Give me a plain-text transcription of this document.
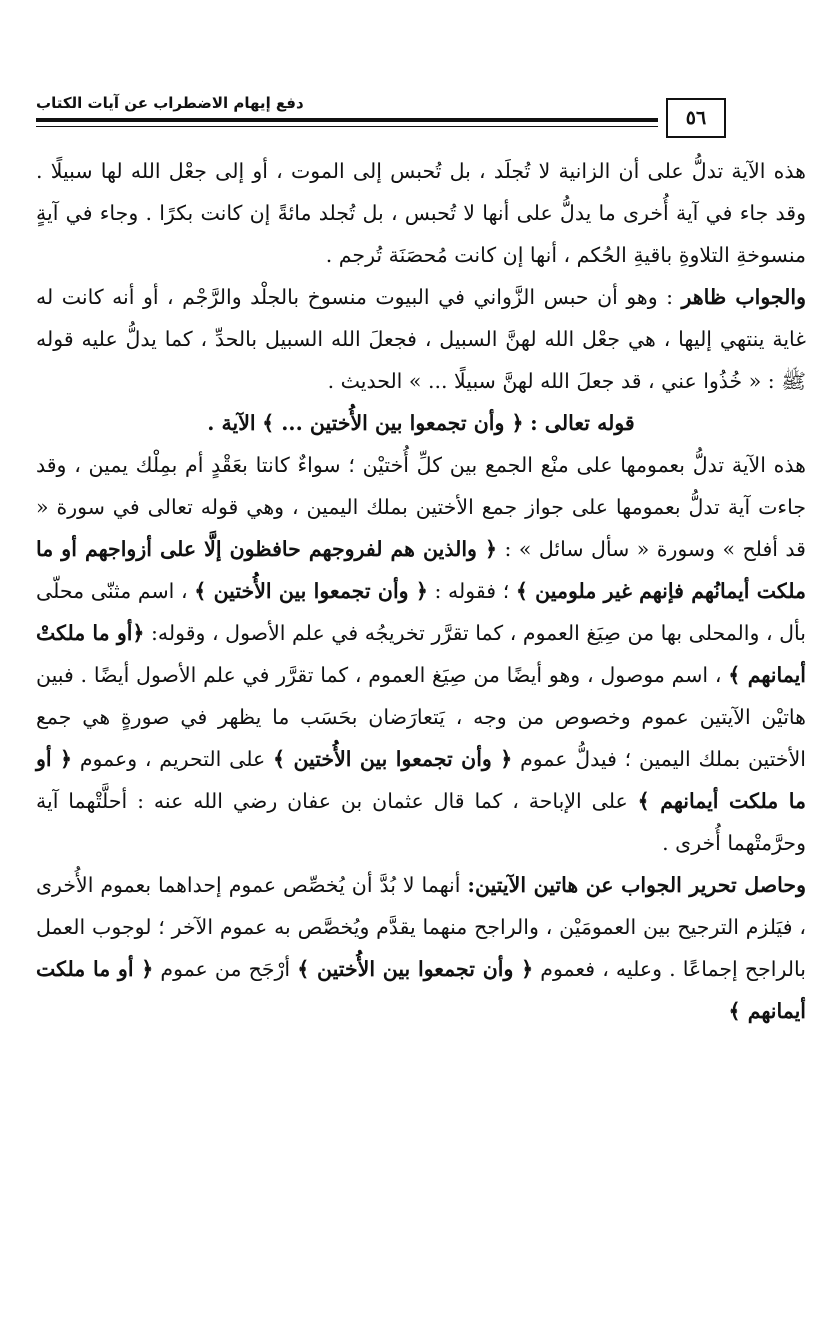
دفع إيهام الاضطراب عن آيات الكتاب
٥٦

هذه الآية تدلُّ على أن الزانية لا تُجلَد ، بل تُحبس إلى الموت ، أو إلى جعْل الله لها سبيلًا . وقد جاء في آية أُخرى ما يدلُّ على أنها لا تُحبس ، بل تُجلد مائةً إن كانت بكرًا . وجاء في آيةٍ منسوخةِ التلاوةِ باقيةِ الحُكم ، أنها إن كانت مُحصَنَة تُرجم .

والجواب ظاهر : وهو أن حبس الزَّواني في البيوت منسوخ بالجلْد والرَّجْم ، أو أنه كانت له غاية ينتهي إليها ، هي جعْل الله لهنَّ السبيل ، فجعلَ الله السبيل بالحدِّ ، كما يدلُّ عليه قوله ﷺ : « خُذُوا عني ، قد جعلَ الله لهنَّ سبيلًا ... » الحديث .

قوله تعالى : ﴿ وأن تجمعوا بين الأُختين ... ﴾ الآية .

هذه الآية تدلُّ بعمومها على منْع الجمع بين كلِّ أُختيْن ؛ سواءٌ كانتا بعَقْدٍ أم بمِلْك يمين ، وقد جاءت آية تدلُّ بعمومها على جواز جمع الأختين بملك اليمين ، وهي قوله تعالى في سورة « قد أفلح » وسورة « سأل سائل » : ﴿ والذين هم لفروجهم حافظون إلَّا على أزواجهم أو ما ملكت أيمانُهم فإنهم غير ملومين ﴾ ؛ فقوله : ﴿ وأن تجمعوا بين الأُختين ﴾ ، اسم مثنّى محلّى بأل ، والمحلى بها من صِيَغ العموم ، كما تقرَّر تخريجُه في علم الأصول ، وقوله: ﴿أو ما ملكتْ أيمانهم ﴾ ، اسم موصول ، وهو أيضًا من صِيَغ العموم ، كما تقرَّر في علم الأصول أيضًا . فبين هاتيْن الآيتين عموم وخصوص من وجه ، يَتعارَضان بحَسَب ما يظهر في صورةٍ هي جمع الأختين بملك اليمين ؛ فيدلُّ عموم ﴿ وأن تجمعوا بين الأُختين ﴾ على التحريم ، وعموم ﴿ أو ما ملكت أيمانهم ﴾ على الإباحة ، كما قال عثمان بن عفان رضي الله عنه : أحلَّتْهما آية وحرَّمتْهما أُخرى .

وحاصل تحرير الجواب عن هاتين الآيتين: أنهما لا بُدَّ أن يُخصِّص عموم إحداهما بعموم الأُخرى ، فيَلزم الترجيح بين العمومَيْن ، والراجح منهما يقدَّم ويُخصَّص به عموم الآخر ؛ لوجوب العمل بالراجح إجماعًا . وعليه ، فعموم ﴿ وأن تجمعوا بين الأُختين ﴾ أرْجَح من عموم ﴿ أو ما ملكت أيمانهم ﴾
